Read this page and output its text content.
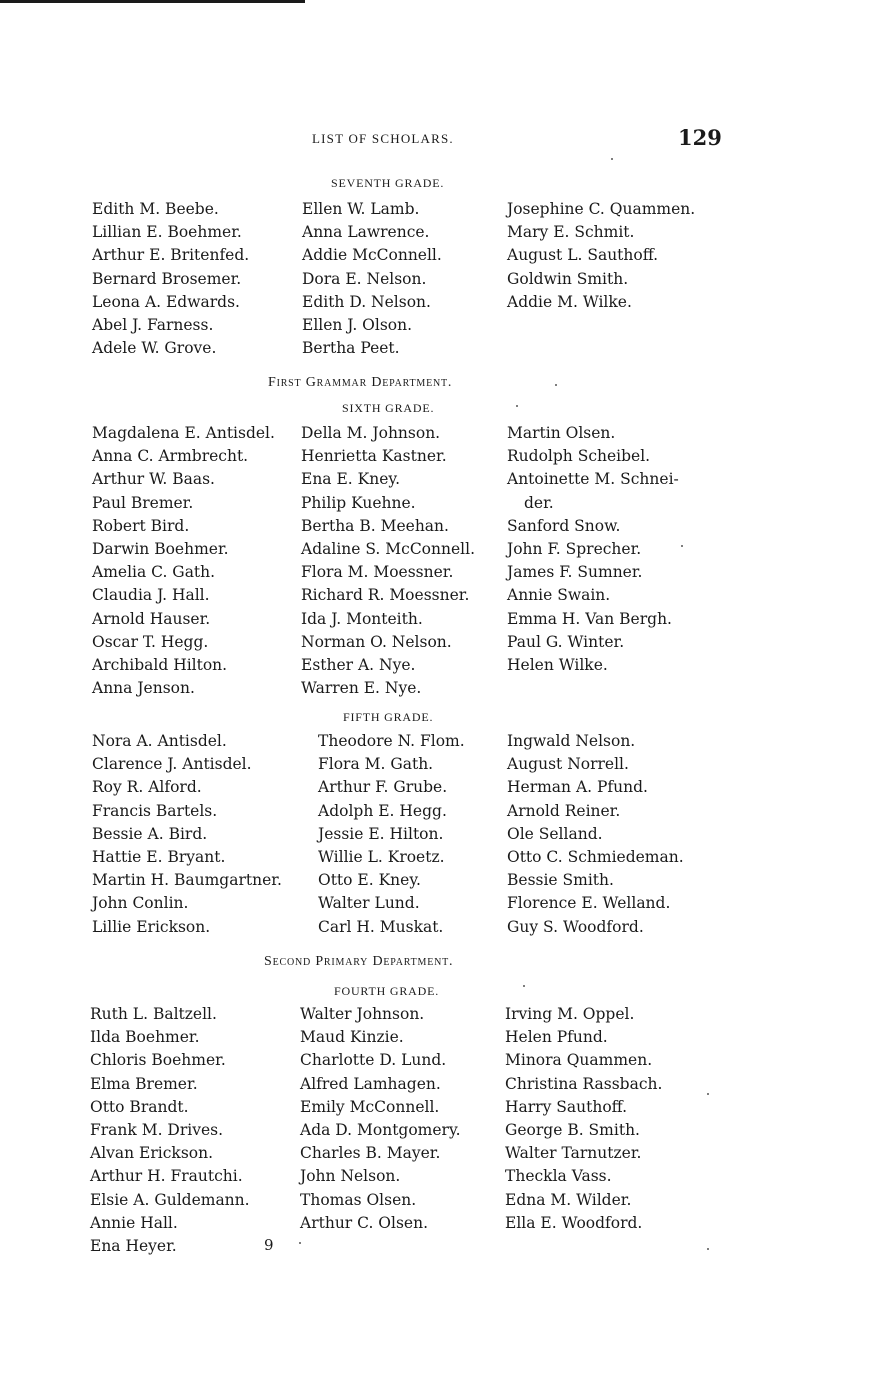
LIST OF SCHOLARS.	129
SEVENTH GRADE.
Edith M. Beebe.
Lillian E. Boehmer.
Arthur E. Britenfed.
Bernard Brosemer.
Leona A. Edwards.
Abel J. Farness.
Adele W. Grove.
Ellen W. Lamb.
Anna Lawrence.
Addie McConnell.
Dora E. Nelson.
Edith D. Nelson.
Ellen J. Olson.
Bertha Peet.
Josephine C. Quammen.
Mary E. Schmit.
August L. Sauthoff.
Goldwin Smith.
Addie M. Wilke.
First Grammar Department.
SIXTH GRADE.
Magdalena E. Antisdel.
Anna C. Armbrecht.
Arthur W. Baas.
Paul Bremer.
Robert Bird.
Darwin Boehmer.
Amelia C. Gath.
Claudia J. Hall.
Arnold Hauser.
Oscar T. Hegg.
Archibald Hilton.
Anna Jenson.
Della M. Johnson.
Henrietta Kastner.
Ena E. Kney.
Philip Kuehne.
Bertha B. Meehan.
Adaline S. McConnell.
Flora M. Moessner.
Richard R. Moessner.
Ida J. Monteith.
Norman O. Nelson.
Esther A. Nye.
Warren E. Nye.
Martin Olsen.
Rudolph Scheibel.
Antoinette M. Schnei-
der.
Sanford Snow.
John F. Sprecher.
James F. Sumner.
Annie Swain.
Emma H. Van Bergh.
Paul G. Winter.
Helen Wilke.
FIFTH GRADE.
Nora A. Antisdel.
Clarence J. Antisdel.
Roy R. Alford.
Francis Bartels.
Bessie A. Bird.
Hattie E. Bryant.
Martin H. Baumgartner.
John Conlin.
Lillie Erickson.
Theodore N. Flom.
Flora M. Gath.
Arthur F. Grube.
Adolph E. Hegg.
Jessie E. Hilton.
Willie L. Kroetz.
Otto E. Kney.
Walter Lund.
Carl H. Muskat.
Ingwald Nelson.
August Norrell.
Herman A. Pfund.
Arnold Reiner.
Ole Selland.
Otto C. Schmiedeman.
Bessie Smith.
Florence E. Welland.
Guy S. Woodford.
Second Primary Department.
FOURTH GRADE.
Ruth L. Baltzell.
Ilda Boehmer.
Chloris Boehmer.
Elma Bremer.
Otto Brandt.
Frank M. Drives.
Alvan Erickson.
Arthur H. Frautchi.
Elsie A. Guldemann.
Annie Hall.
Ena Heyer.
Walter Johnson.
Maud Kinzie.
Charlotte D. Lund.
Alfred Lamhagen.
Emily McConnell.
Ada D. Montgomery.
Charles B. Mayer.
John Nelson.
Thomas Olsen.
Arthur C. Olsen.
Irving M. Oppel.
Helen Pfund.
Minora Quammen.
Christina Rassbach.
Harry Sauthoff.
George B. Smith.
Walter Tarnutzer.
Theckla Vass.
Edna M. Wilder.
Ella E. Woodford.
9
